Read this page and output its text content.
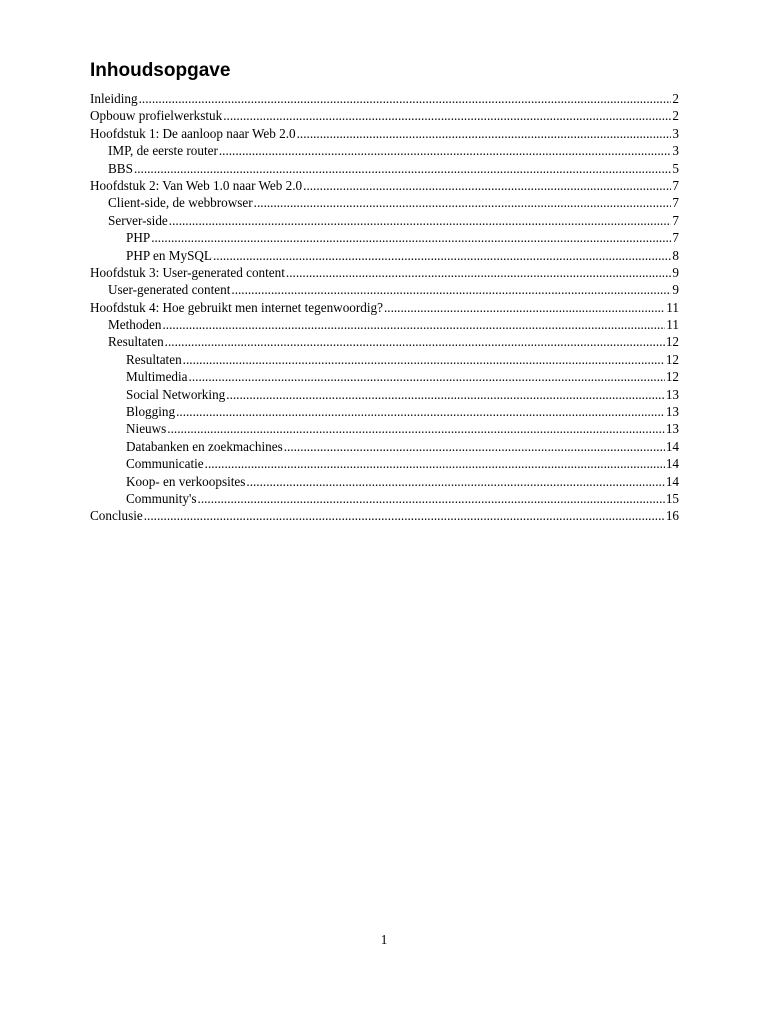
Inhoudsopgave
Inleiding .....	2
Opbouw profielwerkstuk .....	2
Hoofdstuk 1: De aanloop naar Web 2.0 .....	3
IMP, de eerste router .....	3
BBS .....	5
Hoofdstuk 2: Van Web 1.0 naar Web 2.0 .....	7
Client-side, de webbrowser .....	7
Server-side .....	7
PHP .....	7
PHP en MySQL .....	8
Hoofdstuk 3: User-generated content .....	9
User-generated content .....	9
Hoofdstuk 4: Hoe gebruikt men internet tegenwoordig? .....	11
Methoden .....	11
Resultaten .....	12
Resultaten .....	12
Multimedia .....	12
Social Networking .....	13
Blogging .....	13
Nieuws .....	13
Databanken en zoekmachines .....	14
Communicatie .....	14
Koop- en verkoopsites .....	14
Community's .....	15
Conclusie .....	16
1
